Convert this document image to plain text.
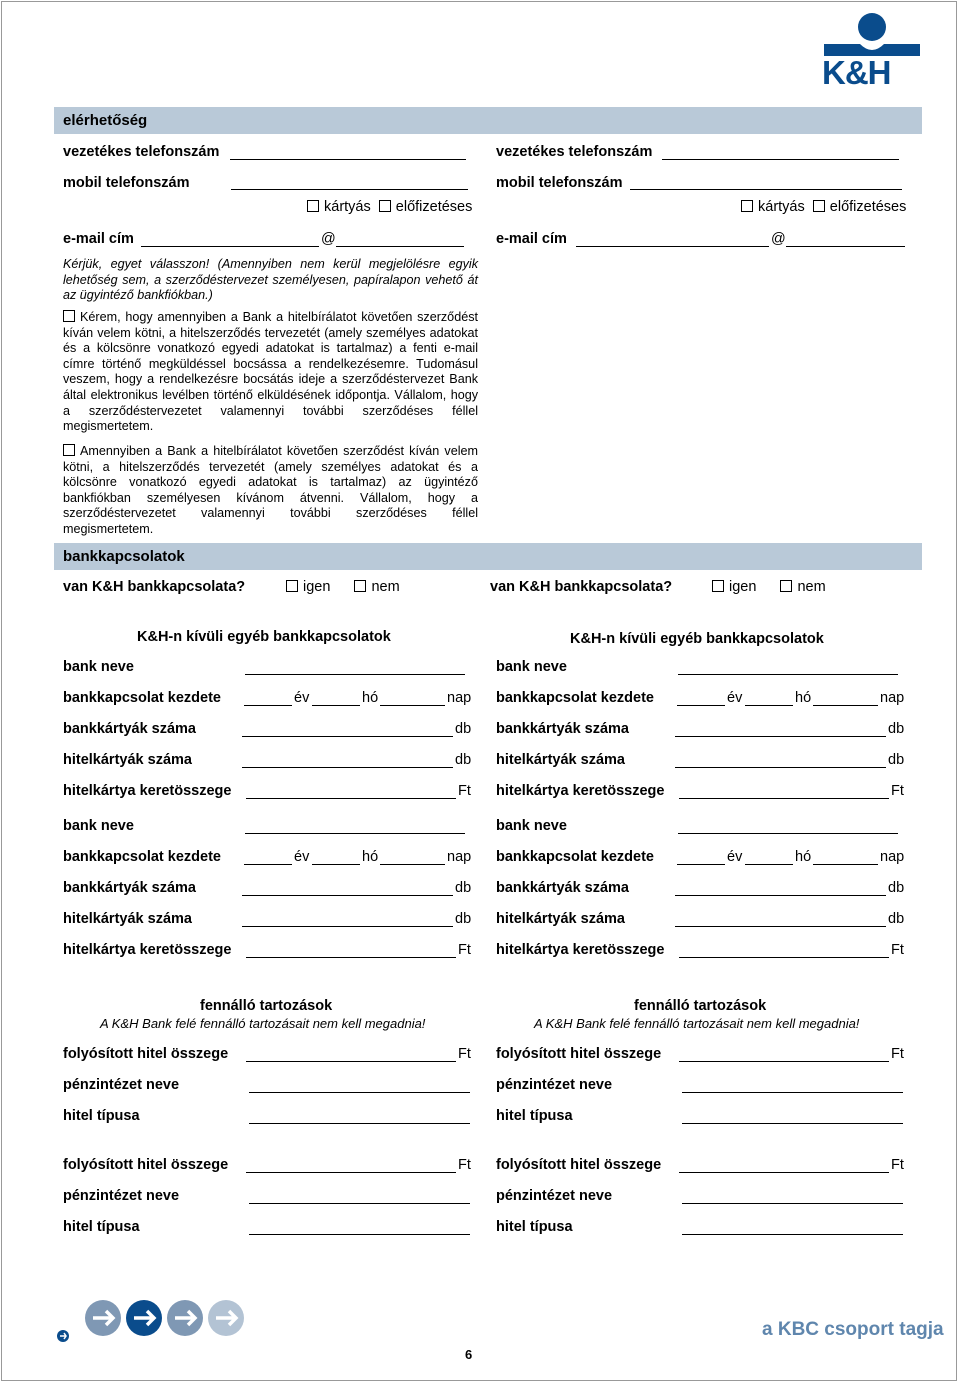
K&H
elérhetőség
vezetékes telefonszám
mobil telefonszám
kártyás előfizetéses
e-mail cím	@
vezetékes telefonszám
mobil telefonszám
kártyás előfizetéses
e-mail cím	@
Kérjük, egyet válasszon! (Amennyiben nem kerül megjelölésre egyik lehetőség sem, a szerződéstervezet személyesen, papíralapon vehető át az ügyintéző bankfiókban.)
Kérem, hogy amennyiben a Bank a hitelbírálatot követően szerződést kíván velem kötni, a hitelszerződés tervezetét (amely személyes adatokat és a kölcsönre vonatkozó egyedi adatokat is tartalmaz) a fenti e-mail címre történő megküldéssel bocsássa a rendelkezésemre. Tudomásul veszem, hogy a rendelkezésre bocsátás ideje a szerződéstervezet Bank által elektronikus levélben történő elküldésének időpontja. Vállalom, hogy a szerződéstervezetet valamennyi további szerződéses féllel megismertetem.
Amennyiben a Bank a hitelbírálatot követően szerződést kíván velem kötni, a hitelszerződés tervezetét (amely személyes adatokat és a kölcsönre vonatkozó egyedi adatokat is tartalmaz) az ügyintéző bankfiókban személyesen kívánom átvenni. Vállalom, hogy a szerződéstervezetet valamennyi további szerződéses féllel megismertetem.
bankkapcsolatok
van K&H bankkapcsolata?	igen	nem	van K&H bankkapcsolata?	igen	nem
K&H-n kívüli egyéb bankkapcsolatok	K&H-n kívüli egyéb bankkapcsolatok
bank neve
bankkapcsolat kezdete	év	hó	nap
bankkártyák száma	db
hitelkártyák száma	db
hitelkártya keretösszege	Ft
bank neve
bankkapcsolat kezdete	év	hó	nap
bankkártyák száma	db
hitelkártyák száma	db
hitelkártya keretösszege	Ft
bank neve
bankkapcsolat kezdete	év	hó	nap
bankkártyák száma	db
hitelkártyák száma	db
hitelkártya keretösszege	Ft
bank neve
bankkapcsolat kezdete	év	hó	nap
bankkártyák száma	db
hitelkártyák száma	db
hitelkártya keretösszege	Ft
fennálló tartozások
A K&H Bank felé fennálló tartozásait nem kell megadnia!
fennálló tartozások
A K&H Bank felé fennálló tartozásait nem kell megadnia!
folyósított hitel összege	Ft
pénzintézet neve
hitel típusa
folyósított hitel összege	Ft
pénzintézet neve
hitel típusa
folyósított hitel összege	Ft
pénzintézet neve
hitel típusa
folyósított hitel összege	Ft
pénzintézet neve
hitel típusa
6
a KBC csoport tagja
